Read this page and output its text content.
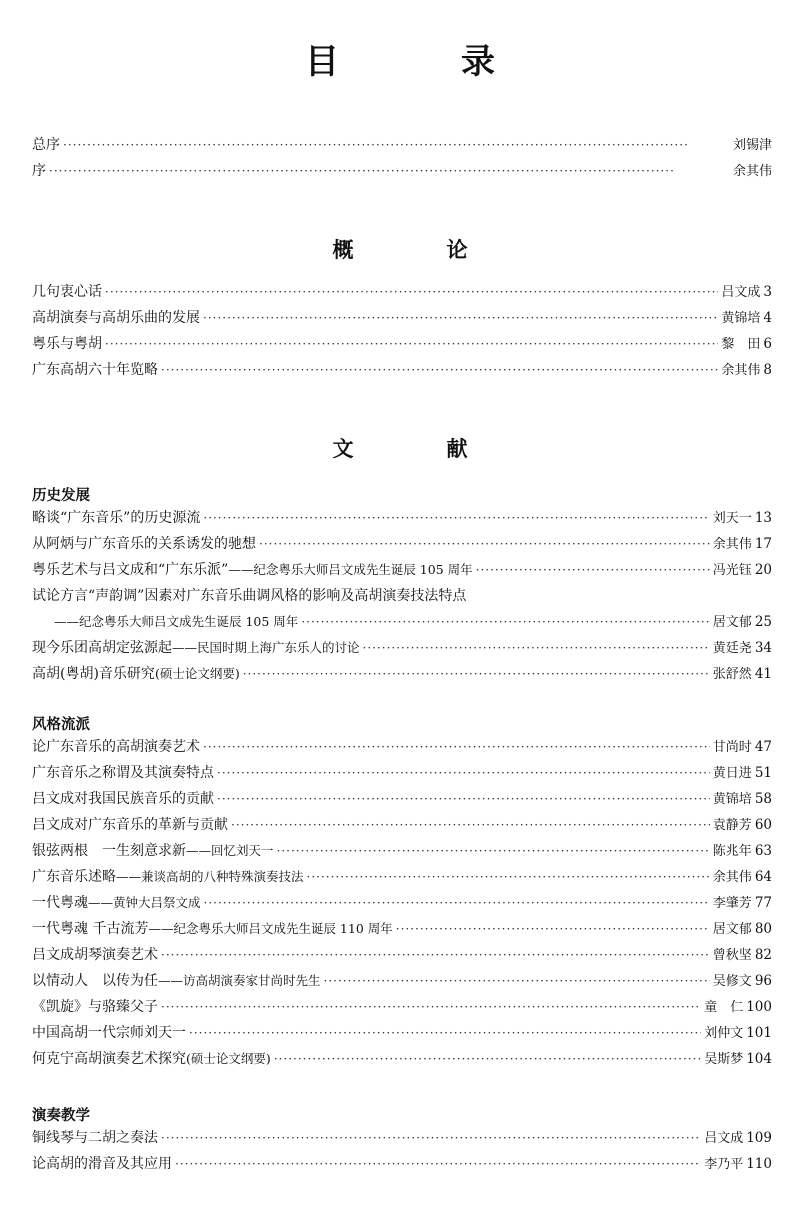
目　录
总序 ·····	刘锡津
序 ·····	余其伟
概　论
几句衷心话 ·····	吕文成 3
高胡演奏与高胡乐曲的发展 ·····	黄锦培 4
粤乐与粤胡 ·····	黎　田 6
广东高胡六十年览略 ·····	余其伟 8
文　献
历史发展
略谈“广东音乐”的历史源流 ·····	刘天一 13
从阿炳与广东音乐的关系诱发的驰想 ·····	余其伟 17
粤乐艺术与吕文成和“广东乐派” ——纪念粤乐大师吕文成先生诞辰 105 周年 ·····	冯光钰 20
试论方言“声韵调”因素对广东音乐曲调风格的影响及高胡演奏技法特点
——纪念粤乐大师吕文成先生诞辰 105 周年 ·····	居文郁 25
现今乐团高胡定弦源起 ——民国时期上海广东乐人的讨论 ·····	黄廷尧 34
高胡(粤胡)音乐研究 (硕士论文纲要) ·····	张舒然 41
风格流派
论广东音乐的高胡演奏艺术 ·····	甘尚时 47
广东音乐之称谓及其演奏特点 ·····	黄日进 51
吕文成对我国民族音乐的贡献 ·····	黄锦培 58
吕文成对广东音乐的革新与贡献 ·····	袁静芳 60
银弦两根　一生刻意求新 ——回忆刘天一 ·····	陈兆年 63
广东音乐述略 ——兼谈高胡的八种特殊演奏技法 ·····	余其伟 64
一代粤魂 ——黄钟大吕祭文成 ·····	李肇芳 77
一代粤魂 千古流芳 ——纪念粤乐大师吕文成先生诞辰 110 周年 ·····	居文郁 80
吕文成胡琴演奏艺术 ·····	曾秋坚 82
以情动人　以传为任 ——访高胡演奏家甘尚时先生 ·····	吴修文 96
《凯旋》与骆臻父子 ·····	童　仁 100
中国高胡一代宗师刘天一 ·····	刘仲文 101
何克宁高胡演奏艺术探究 (硕士论文纲要) ·····	吴斯梦 104
演奏教学
铜线琴与二胡之奏法 ·····	吕文成 109
论高胡的滑音及其应用 ·····	李乃平 110
